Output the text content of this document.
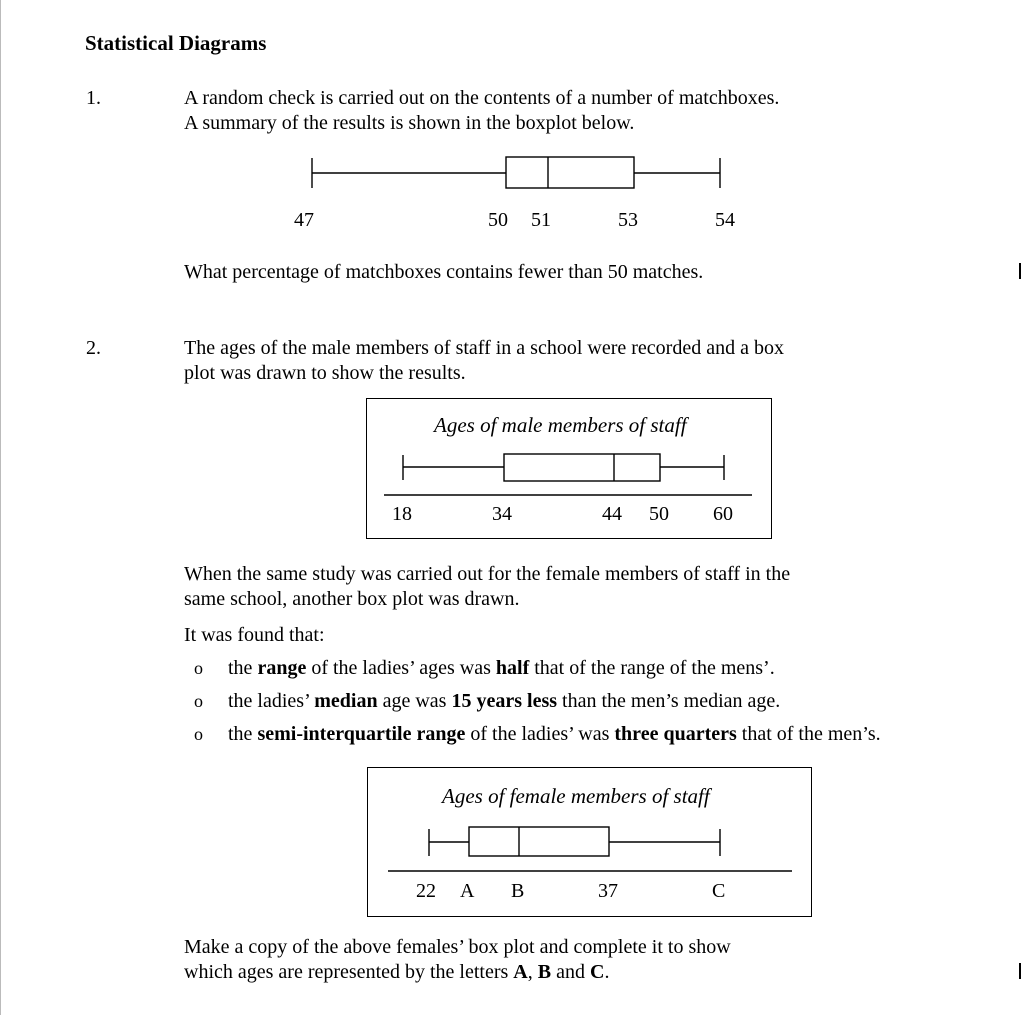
Statistical Diagrams
1.	A random check is carried out on the contents of a number of matchboxes.
A summary of the results is shown in the boxplot below.
47	50 51	53	54
What percentage of matchboxes contains fewer than 50 matches.
2.	The ages of the male members of staff in a school were recorded and a box
plot was drawn to show the results.
Ages of male members of staff
18	34	44 50 60
When the same study was carried out for the female members of staff in the
same school, another box plot was drawn.
It was found that:
o the range of the ladies’ ages was half that of the range of the mens’.
o the ladies’ median age was 15 years less than the men’s median age.
o the semi-interquartile range of the ladies’ was three quarters that of the men’s.
Ages of female members of staff
22 A B	37	C
Make a copy of the above females’ box plot and complete it to show
which ages are represented by the letters A, B and C.
